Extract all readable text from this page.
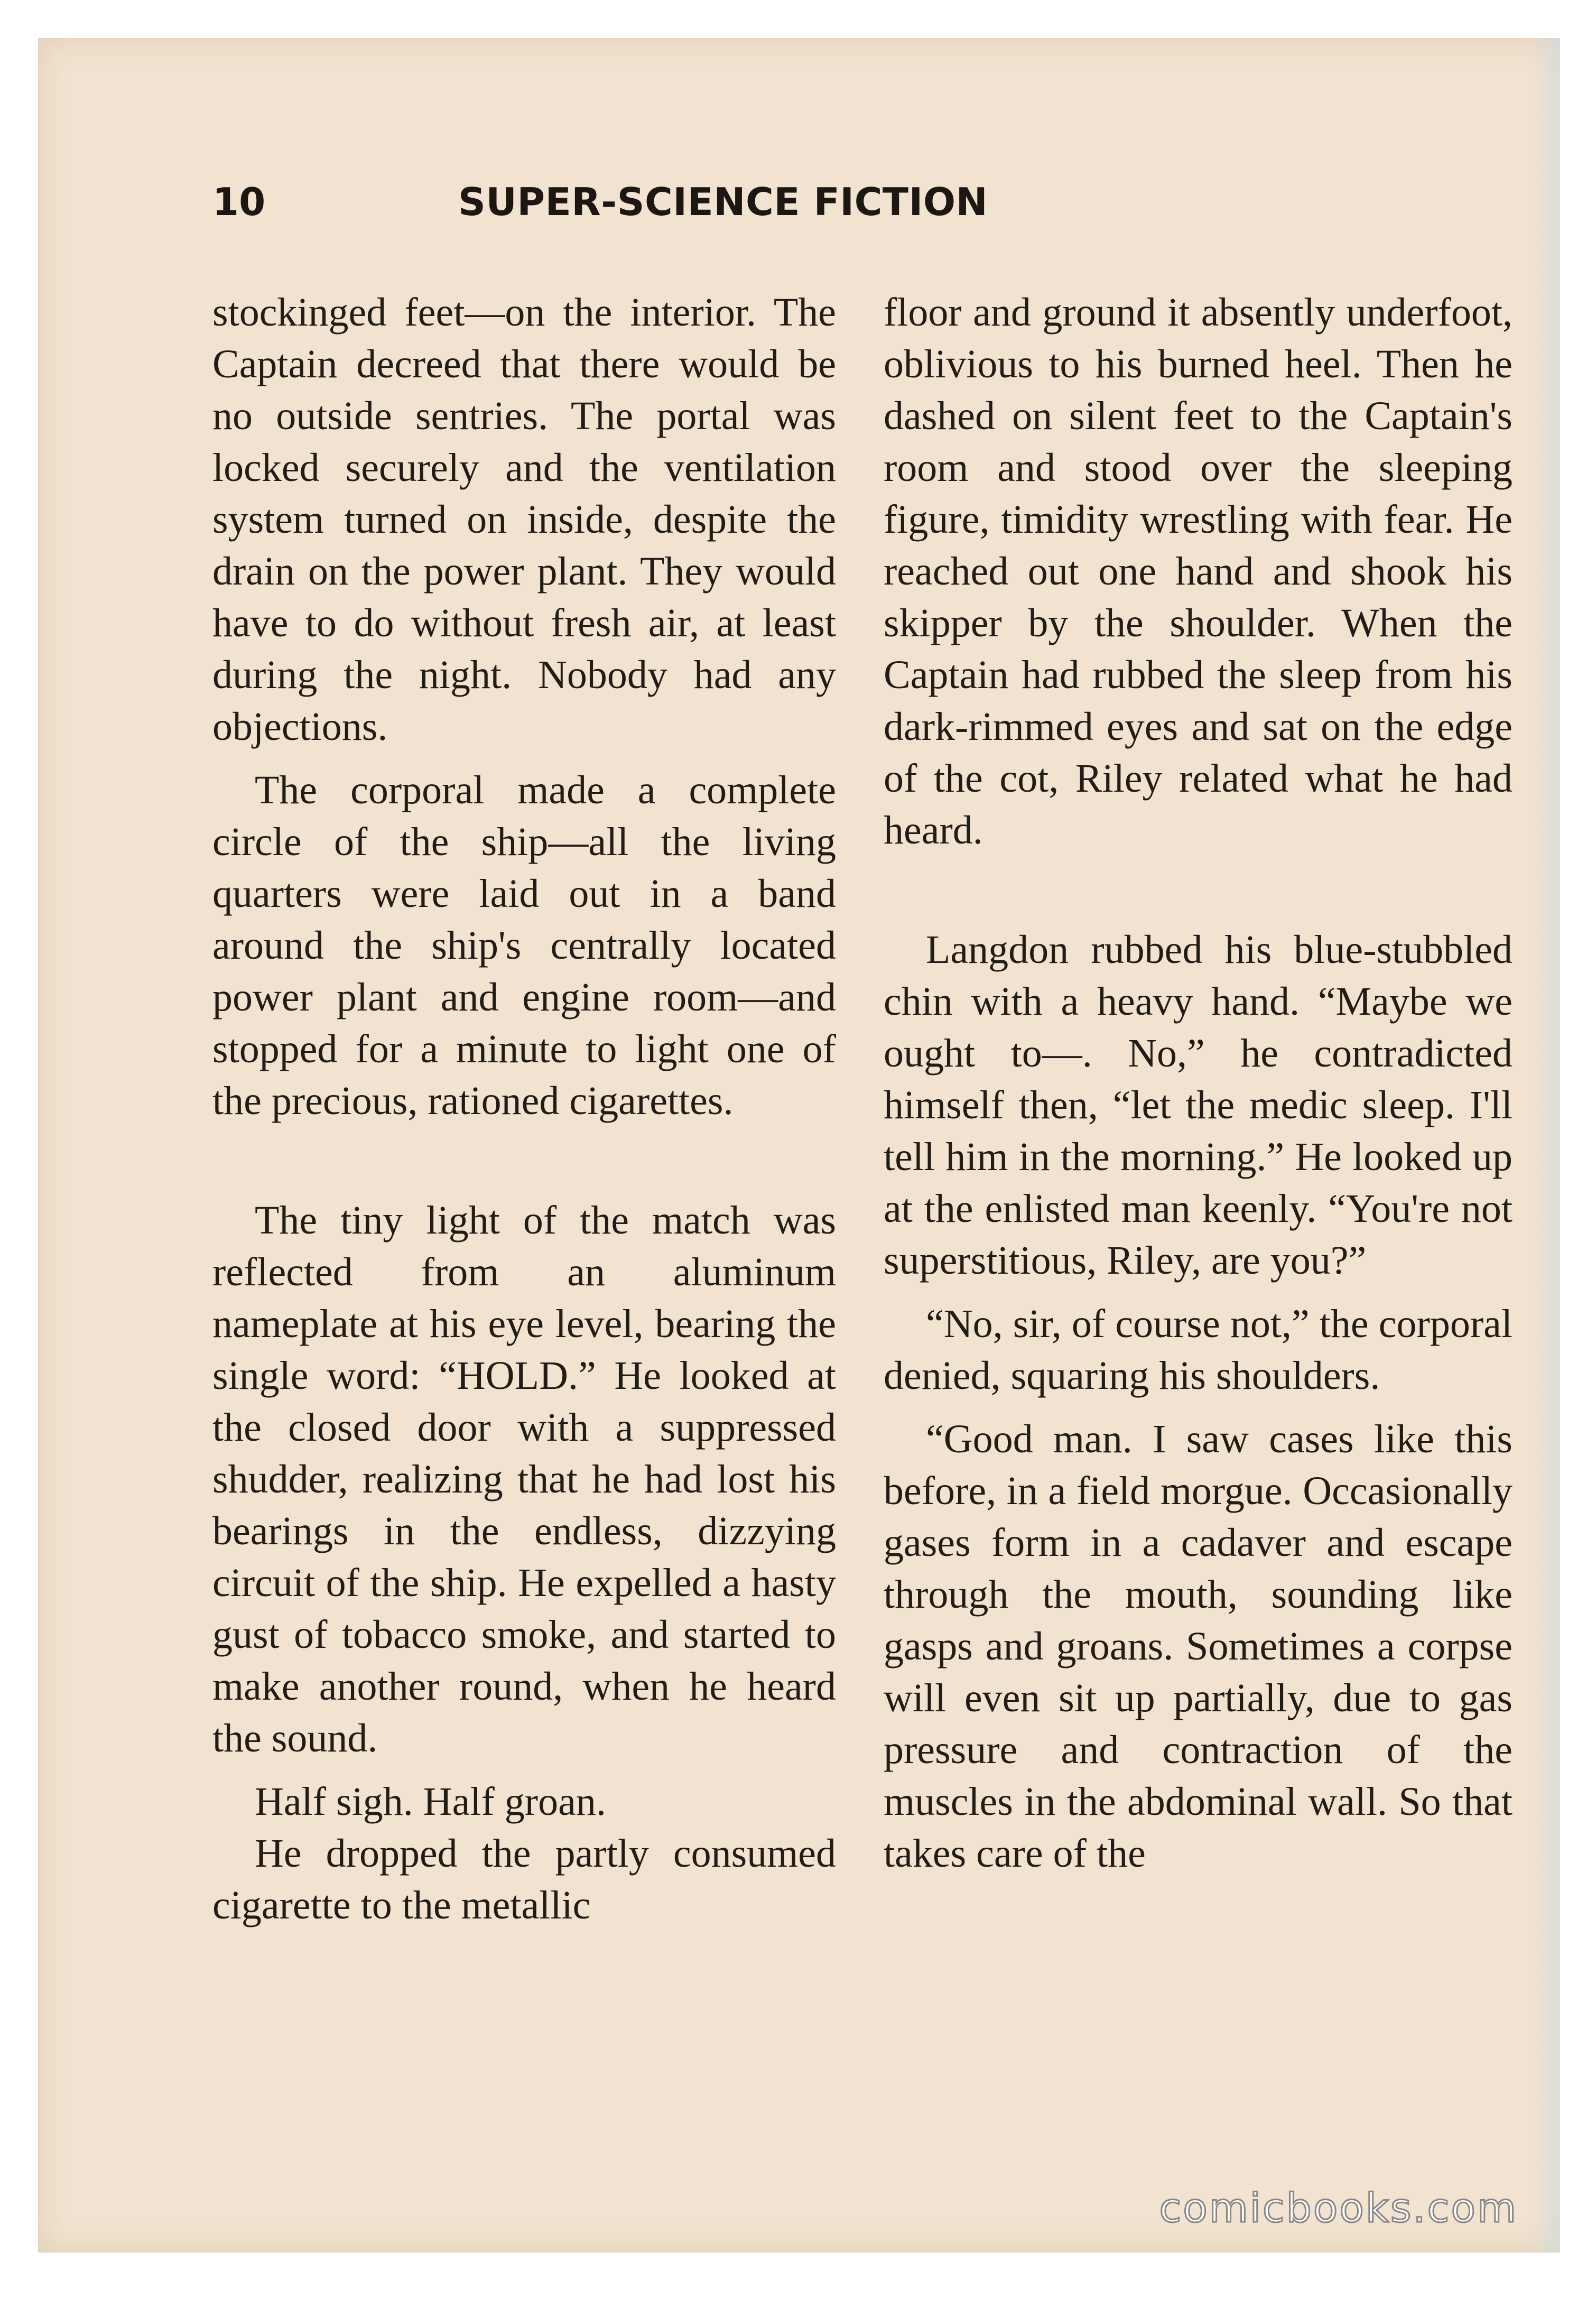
10	SUPER-SCIENCE FICTION

stockinged feet—on the interior. The Captain decreed that there would be no outside sentries. The portal was locked securely and the ventilation system turned on inside, despite the drain on the power plant. They would have to do without fresh air, at least during the night. Nobody had any objections.

The corporal made a complete circle of the ship—all the living quarters were laid out in a band around the ship's centrally located power plant and engine room—and stopped for a minute to light one of the precious, rationed cigarettes.

The tiny light of the match was reflected from an aluminum nameplate at his eye level, bearing the single word: “HOLD.” He looked at the closed door with a suppressed shudder, realizing that he had lost his bearings in the endless, dizzying circuit of the ship. He expelled a hasty gust of tobacco smoke, and started to make another round, when he heard the sound.

Half sigh. Half groan.

He dropped the partly consumed cigarette to the metallic

floor and ground it absently underfoot, oblivious to his burned heel. Then he dashed on silent feet to the Captain's room and stood over the sleeping figure, timidity wrestling with fear. He reached out one hand and shook his skipper by the shoulder. When the Captain had rubbed the sleep from his dark-rimmed eyes and sat on the edge of the cot, Riley related what he had heard.

Langdon rubbed his blue-stubbled chin with a heavy hand. “Maybe we ought to—. No,” he contradicted himself then, “let the medic sleep. I'll tell him in the morning.” He looked up at the enlisted man keenly. “You're not superstitious, Riley, are you?”

“No, sir, of course not,” the corporal denied, squaring his shoulders.

“Good man. I saw cases like this before, in a field morgue. Occasionally gases form in a cadaver and escape through the mouth, sounding like gasps and groans. Sometimes a corpse will even sit up partially, due to gas pressure and contraction of the muscles in the abdominal wall. So that takes care of the

comicbooks.com
